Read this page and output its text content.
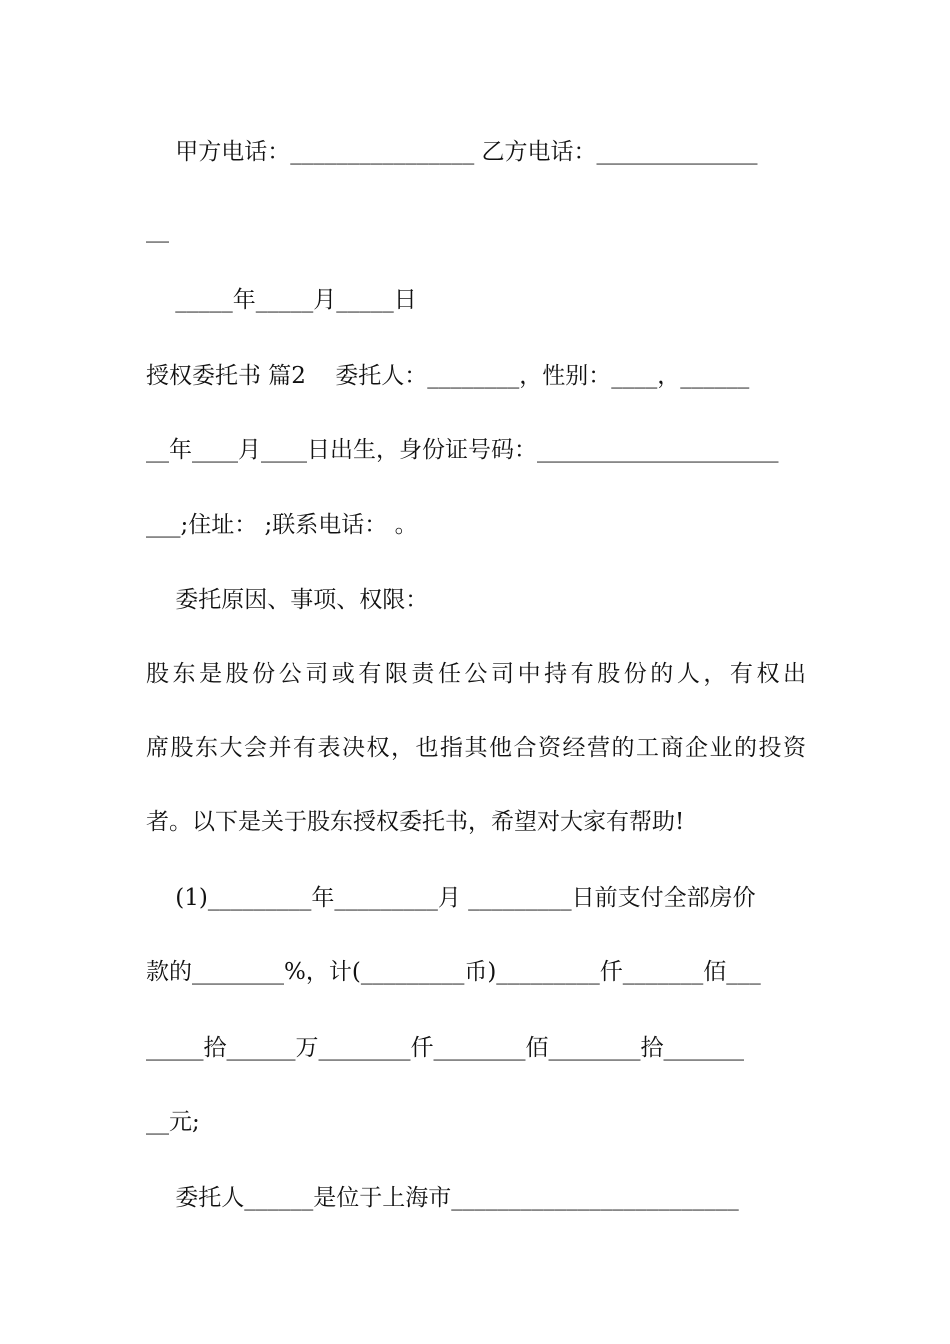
甲方电话：________________ 乙方电话：______________
__
_____年_____月_____日
授权委托书 篇2    委托人：________，性别：____，______
__年____月____日出生，身份证号码：_____________________
___;住址： ;联系电话： 。
委托原因、事项、权限：
股东是股份公司或有限责任公司中持有股份的人，有权出
席股东大会并有表决权，也指其他合资经营的工商企业的投资
者。以下是关于股东授权委托书，希望对大家有帮助!
(1)_________年_________月 _________日前支付全部房价
款的________%，计(_________币)_________仟_______佰___
_____拾______万________仟________佰________拾_______
__元;
委托人______是位于上海市_________________________
